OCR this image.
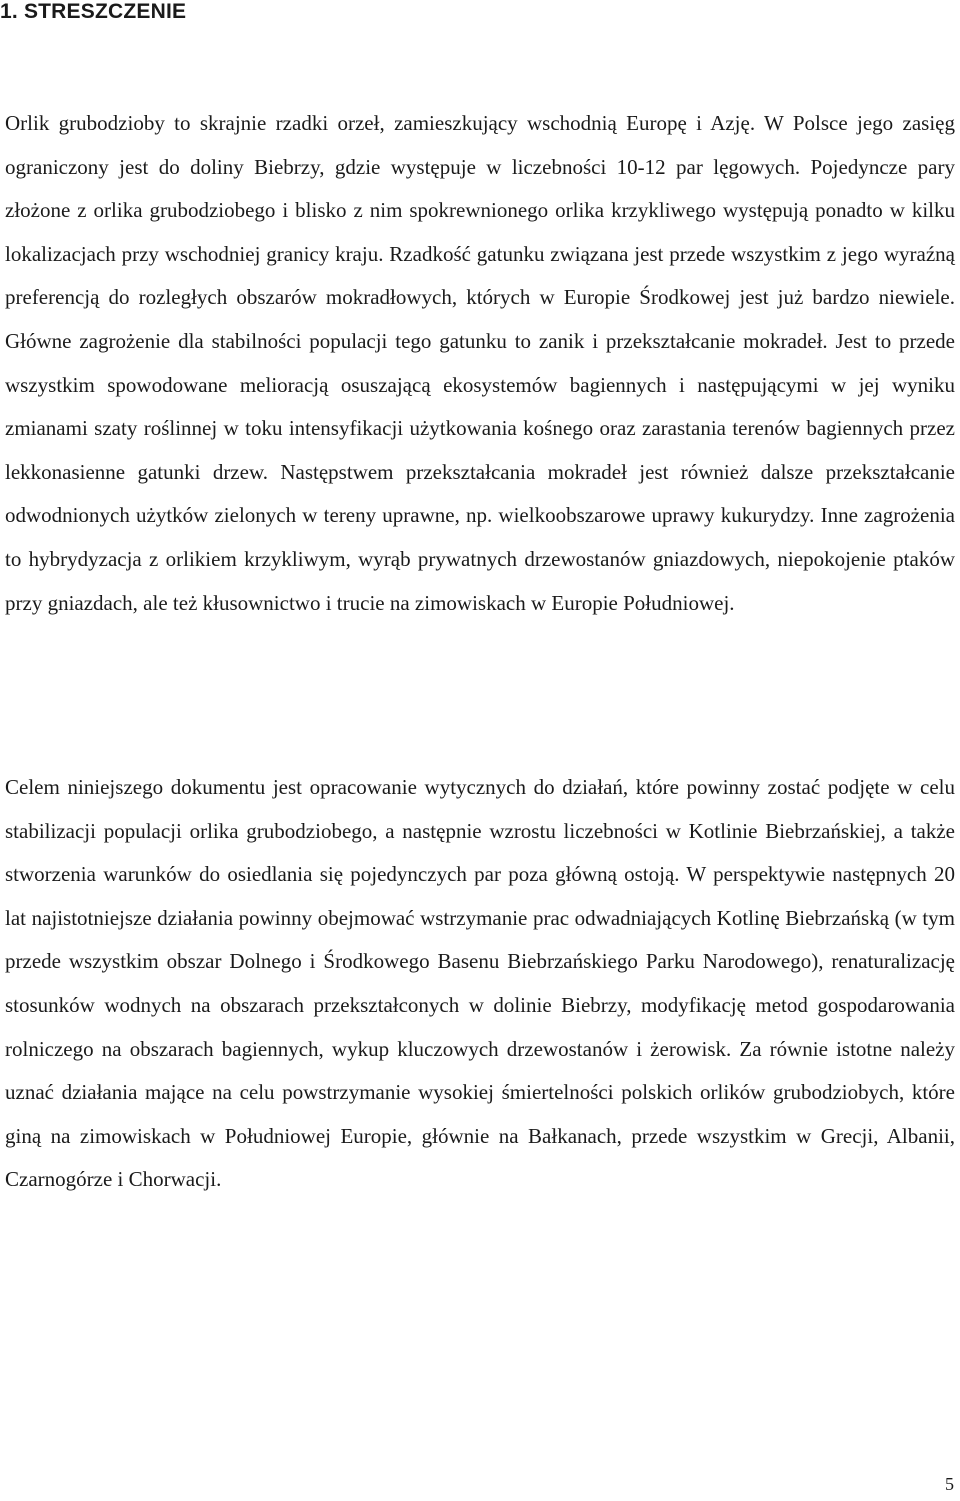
1. STRESZCZENIE

Orlik grubodzioby to skrajnie rzadki orzeł, zamieszkujący wschodnią Europę i Azję. W Polsce jego zasięg ograniczony jest do doliny Biebrzy, gdzie występuje w liczebności 10-12 par lęgowych. Pojedyncze pary złożone z orlika grubodziobego i blisko z nim spokrewnionego orlika krzykliwego występują ponadto w kilku lokalizacjach przy wschodniej granicy kraju. Rzadkość gatunku związana jest przede wszystkim z jego wyraźną preferencją do rozległych obszarów mokradłowych, których w Europie Środkowej jest już bardzo niewiele. Główne zagrożenie dla stabilności populacji tego gatunku to zanik i przekształcanie mokradeł. Jest to przede wszystkim spowodowane melioracją osuszającą ekosystemów bagiennych i następującymi w jej wyniku zmianami szaty roślinnej w toku intensyfikacji użytkowania kośnego oraz zarastania terenów bagiennych przez lekkonasienne gatunki drzew. Następstwem przekształcania mokradeł jest również dalsze przekształcanie odwodnionych użytków zielonych w tereny uprawne, np. wielkoobszarowe uprawy kukurydzy. Inne zagrożenia to hybrydyzacja z orlikiem krzykliwym, wyrąb prywatnych drzewostanów gniazdowych, niepokojenie ptaków przy gniazdach, ale też kłusownictwo i trucie na zimowiskach w Europie Południowej.

Celem niniejszego dokumentu jest opracowanie wytycznych do działań, które powinny zostać podjęte w celu stabilizacji populacji orlika grubodziobego, a następnie wzrostu liczebności w Kotlinie Biebrzańskiej, a także stworzenia warunków do osiedlania się pojedynczych par poza główną ostoją. W perspektywie następnych 20 lat najistotniejsze działania powinny obejmować wstrzymanie prac odwadniających Kotlinę Biebrzańską (w tym przede wszystkim obszar Dolnego i Środkowego Basenu Biebrzańskiego Parku Narodowego), renaturalizację stosunków wodnych na obszarach przekształconych w dolinie Biebrzy, modyfikację metod gospodarowania rolniczego na obszarach bagiennych, wykup kluczowych drzewostanów i żerowisk. Za równie istotne należy uznać działania mające na celu powstrzymanie wysokiej śmiertelności polskich orlików grubodziobych, które giną na zimowiskach w Południowej Europie, głównie na Bałkanach, przede wszystkim w Grecji, Albanii, Czarnogórze i Chorwacji.

5
